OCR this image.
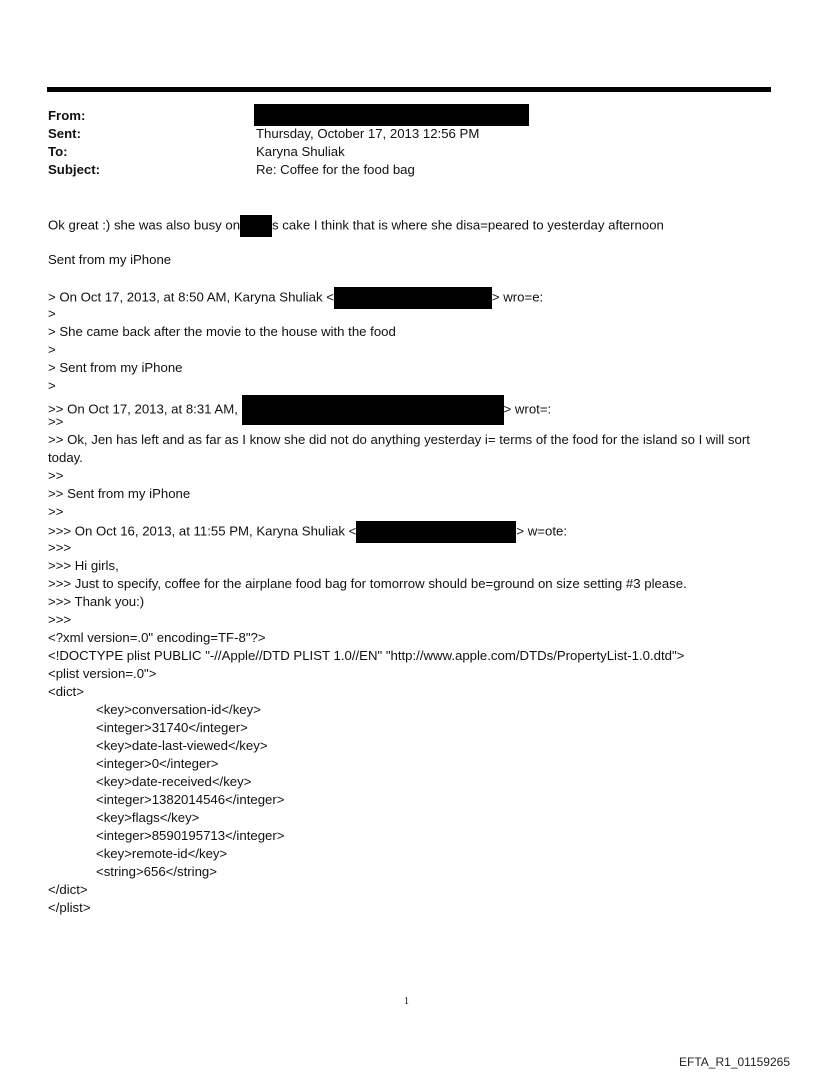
From:
Sent:	Thursday, October 17, 2013 12:56 PM
To:	Karyna Shuliak
Subject:	Re: Coffee for the food bag
Ok great :) she was also busy on s cake I think that is where she disa=peared to yesterday afternoon
Sent from my iPhone
> On Oct 17, 2013, at 8:50 AM, Karyna Shuliak <	> wro=e:
>
> She came back after the movie to the house with the food
>
> Sent from my iPhone
>
>> On Oct 17, 2013, at 8:31 AM,	> wrot=:
>>
>> Ok, Jen has left and as far as I know she did not do anything yesterday i= terms of the food for the island so I will sort today.
>>
>> Sent from my iPhone
>>
>>> On Oct 16, 2013, at 11:55 PM, Karyna Shuliak <	> w=ote:
>>>
>>> Hi girls,
>>> Just to specify, coffee for the airplane food bag for tomorrow should be=ground on size setting #3 please.
>>> Thank you:)
>>>
<?xml version=.0" encoding=TF-8"?>
<!DOCTYPE plist PUBLIC "-//Apple//DTD PLIST 1.0//EN" "http://www.apple.com/DTDs/PropertyList-1.0.dtd">
<plist version=.0">
<dict>
<key>conversation-id</key>
<integer>31740</integer>
<key>date-last-viewed</key>
<integer>0</integer>
<key>date-received</key>
<integer>1382014546</integer>
<key>flags</key>
<integer>8590195713</integer>
<key>remote-id</key>
<string>656</string>
</dict>
</plist>
1
EFTA_R1_01159265
